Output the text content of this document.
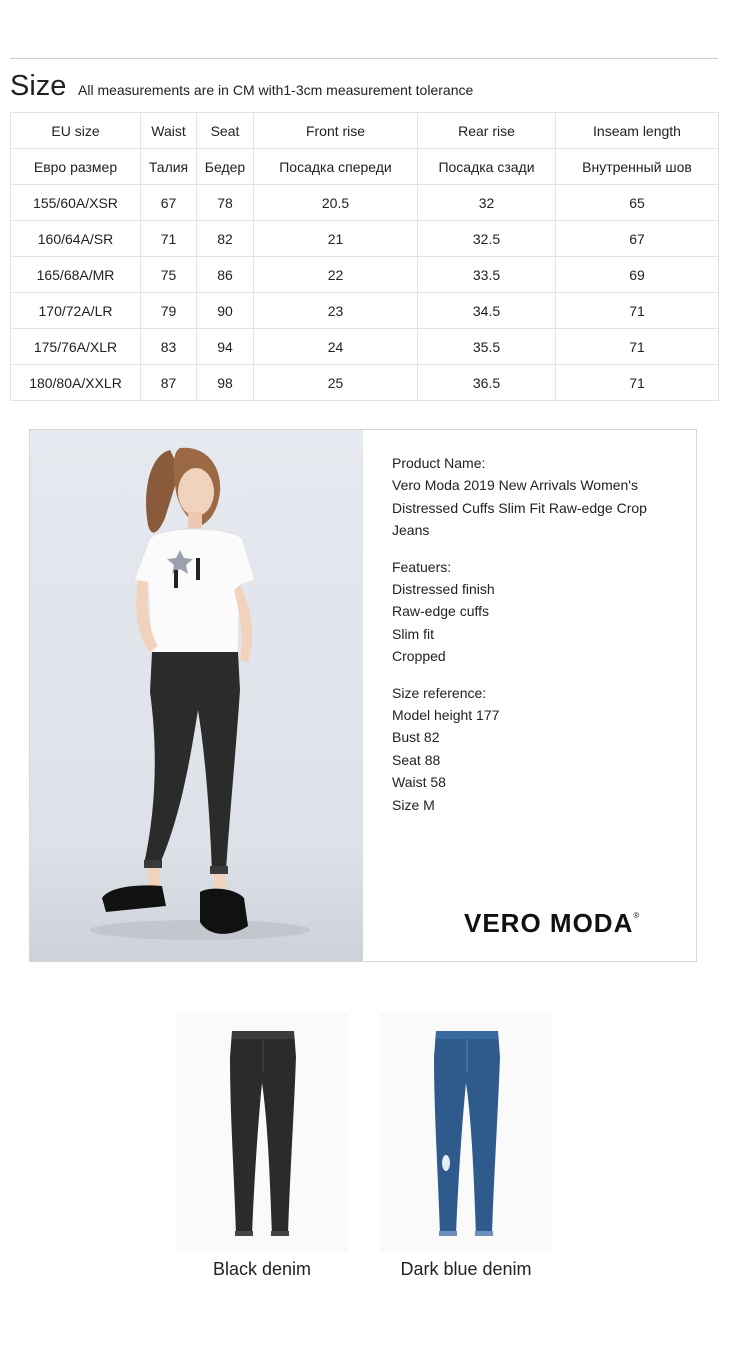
Size All measurements are in CM with1-3cm measurement tolerance
EU size	Waist	Seat	Front rise	Rear rise	Inseam length
Евро размер	Талия	Бедер	Посадка спереди	Посадка сзади	Внутренный шов
155/60A/XSR	67	78	20.5	32	65
160/64A/SR	71	82	21	32.5	67
165/68A/MR	75	86	22	33.5	69
170/72A/LR	79	90	23	34.5	71
175/76A/XLR	83	94	24	35.5	71
180/80A/XXLR	87	98	25	36.5	71
Product Name:
Vero Moda 2019 New Arrivals Women's
Distressed Cuffs Slim Fit Raw-edge Crop
Jeans
Featuers:
Distressed finish
Raw-edge cuffs
Slim fit
Cropped
Size reference:
Model height 177
Bust 82
Seat 88
Waist 58
Size M
VERO MODA®
Black denim	Dark blue denim
